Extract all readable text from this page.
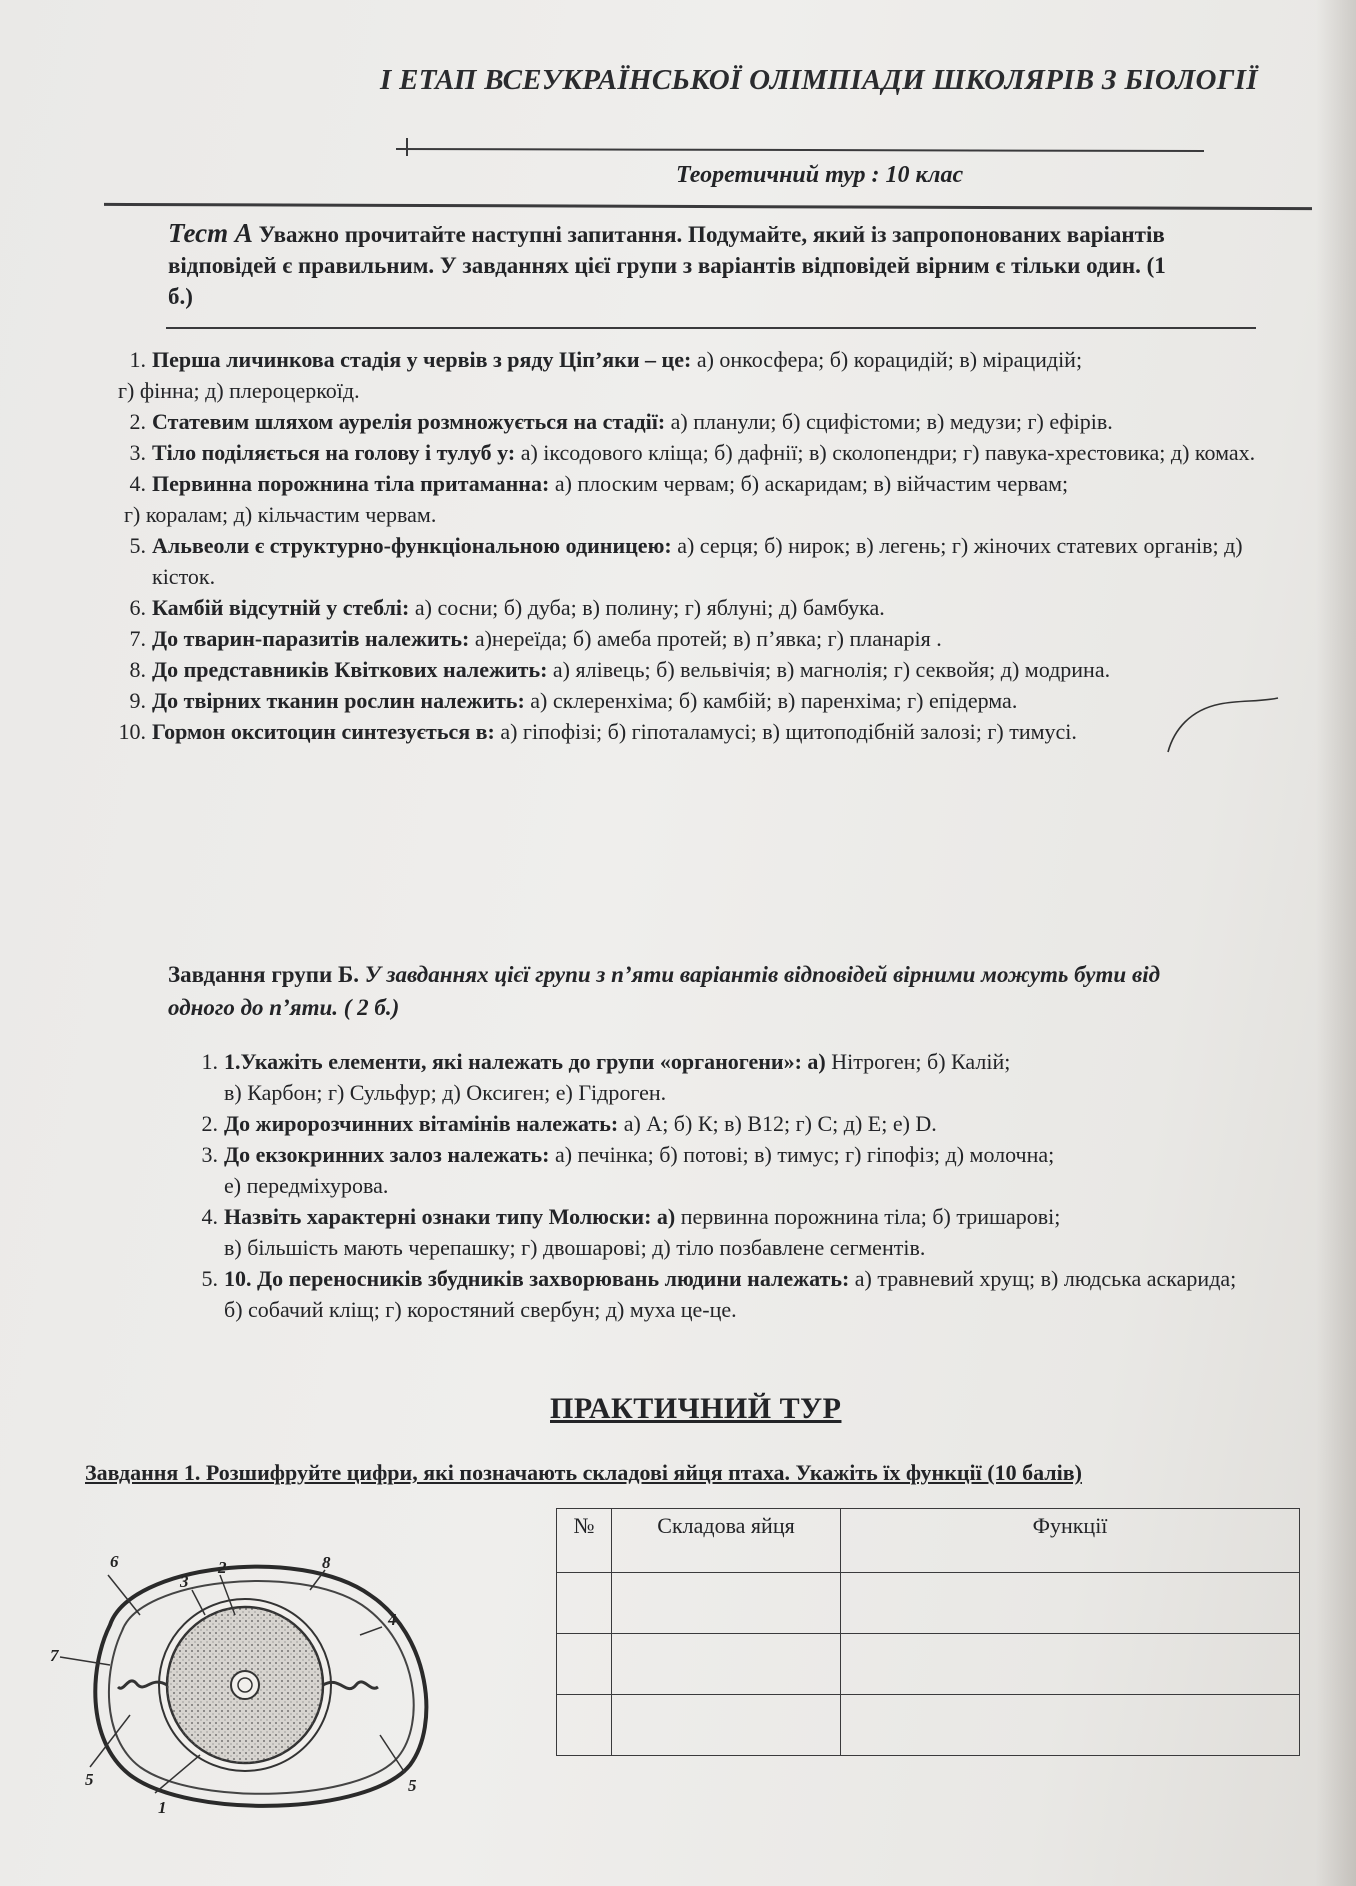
I ЕТАП ВСЕУКРАЇНСЬКОЇ ОЛІМПІАДИ ШКОЛЯРІВ З БІОЛОГІЇ
Теоретичний тур : 10 клас
Тест А Уважно прочитайте наступні запитання. Подумайте, який із запропонованих варіантів відповідей є правильним. У завданнях цієї групи з варіантів відповідей вірним є тільки один. (1 б.)
1. Перша личинкова стадія у червів з ряду Ціп’яки – це: а) онкосфера; б) корацидій; в) мірацидій;
г) фінна; д) плероцеркоїд.
2. Статевим шляхом аурелія розмножується на стадії: а) планули; б) сцифістоми; в) медузи; г) ефірів.
3. Тіло поділяється на голову і тулуб у: а) іксодового кліща; б) дафнії; в) сколопендри; г) павука-хрестовика; д) комах.
4. Первинна порожнина тіла притаманна: а) плоским червам; б) аскаридам; в) війчастим червам;
г) коралам; д) кільчастим червам.
5. Альвеоли є структурно-функціональною одиницею: а) серця; б) нирок; в) легень; г) жіночих статевих органів; д) кісток.
6. Камбій відсутній у стеблі: а) сосни; б) дуба; в) полину; г) яблуні; д) бамбука.
7. До тварин-паразитів належить: а)нереїда; б) амеба протей; в) п’явка; г) планарія .
8. До представників Квіткових належить: а) ялівець; б) вельвічія; в) магнолія; г) секвойя; д) модрина.
9. До твірних тканин рослин належить: а) склеренхіма; б) камбій; в) паренхіма; г) епідерма.
10. Гормон окситоцин синтезується в: а) гіпофізі; б) гіпоталамусі; в) щитоподібній залозі; г) тимусі.
Завдання групи Б. У завданнях цієї групи з п’яти варіантів відповідей вірними можуть бути від одного до п’яти. ( 2 б.)
1. 1.Укажіть елементи, які належать до групи «органогени»: а) Нітроген; б) Калій;
в) Карбон; г) Сульфур; д) Оксиген; е) Гідроген.
2. До жиророзчинних вітамінів належать: а) А; б) К; в) В12; г) С; д) Е; е) D.
3. До екзокринних залоз належать: а) печінка; б) потові; в) тимус; г) гіпофіз; д) молочна;
е) передміхурова.
4. Назвіть характерні ознаки типу Молюски: а) первинна порожнина тіла; б) тришарові;
в) більшість мають черепашку; г) двошарові; д) тіло позбавлене сегментів.
5. 10. До переносників збудників захворювань людини належать: а) травневий хрущ; в) людська аскарида; б) собачий кліщ; г) коростяний свербун; д) муха це-це.
ПРАКТИЧНИЙ ТУР
Завдання 1. Розшифруйте цифри, які позначають складові яйця птаха. Укажіть їх функції (10 балів)
№	Складова яйця	Функції

6
3
2	8
4
7
5	5
1
